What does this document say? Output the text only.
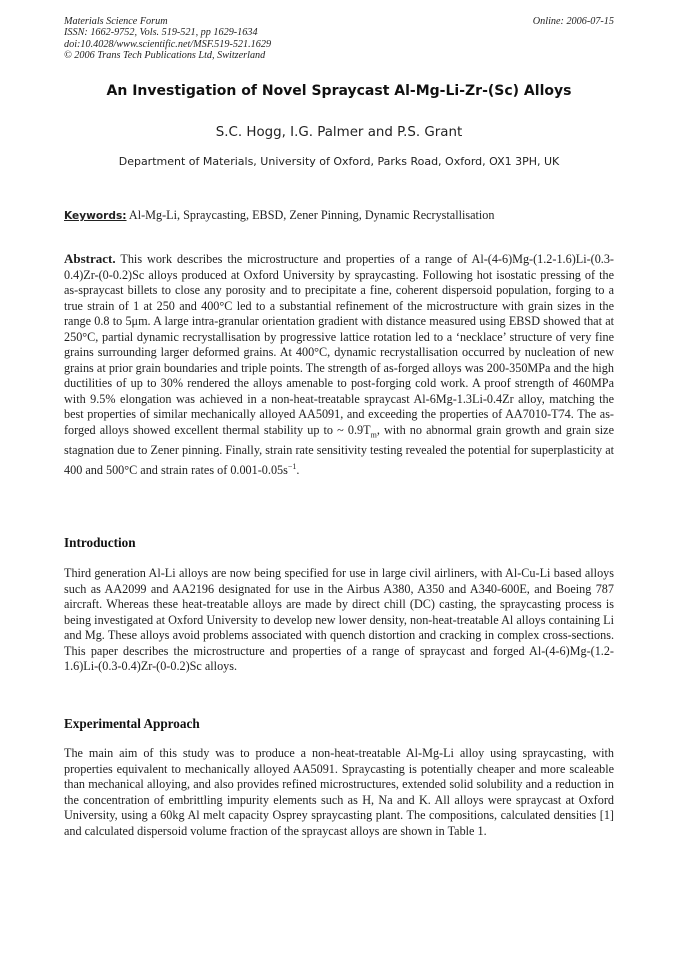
Materials Science Forum
ISSN: 1662-9752, Vols. 519-521, pp 1629-1634
doi:10.4028/www.scientific.net/MSF.519-521.1629
© 2006 Trans Tech Publications Ltd, Switzerland
Online: 2006-07-15
An Investigation of Novel Spraycast Al-Mg-Li-Zr-(Sc) Alloys
S.C. Hogg, I.G. Palmer and P.S. Grant
Department of Materials, University of Oxford, Parks Road, Oxford, OX1 3PH, UK
Keywords: Al-Mg-Li, Spraycasting, EBSD, Zener Pinning, Dynamic Recrystallisation
Abstract. This work describes the microstructure and properties of a range of Al-(4-6)Mg-(1.2-1.6)Li-(0.3-0.4)Zr-(0-0.2)Sc alloys produced at Oxford University by spraycasting. Following hot isostatic pressing of the as-spraycast billets to close any porosity and to precipitate a fine, coherent dispersoid population, forging to a true strain of 1 at 250 and 400°C led to a substantial refinement of the microstructure with grain sizes in the range 0.8 to 5μm. A large intra-granular orientation gradient with distance measured using EBSD showed that at 250°C, partial dynamic recrystallisation by progressive lattice rotation led to a ‘necklace’ structure of very fine grains surrounding larger deformed grains. At 400°C, dynamic recrystallisation occurred by nucleation of new grains at prior grain boundaries and triple points. The strength of as-forged alloys was 200-350MPa and the high ductilities of up to 30% rendered the alloys amenable to post-forging cold work. A proof strength of 460MPa with 9.5% elongation was achieved in a non-heat-treatable spraycast Al-6Mg-1.3Li-0.4Zr alloy, matching the best properties of similar mechanically alloyed AA5091, and exceeding the properties of AA7010-T74. The as-forged alloys showed excellent thermal stability up to ~ $0.9T_m$, with no abnormal grain growth and grain size stagnation due to Zener pinning. Finally, strain rate sensitivity testing revealed the potential for superplasticity at 400 and 500°C and strain rates of $0.001-0.05s^{-1}$.
Introduction
Third generation Al-Li alloys are now being specified for use in large civil airliners, with Al-Cu-Li based alloys such as AA2099 and AA2196 designated for use in the Airbus A380, A350 and A340-600E, and Boeing 787 aircraft. Whereas these heat-treatable alloys are made by direct chill (DC) casting, the spraycasting process is being investigated at Oxford University to develop new lower density, non-heat-treatable Al alloys containing Li and Mg. These alloys avoid problems associated with quench distortion and cracking in complex cross-sections. This paper describes the microstructure and properties of a range of spraycast and forged Al-(4-6)Mg-(1.2-1.6)Li-(0.3-0.4)Zr-(0-0.2)Sc alloys.
Experimental Approach
The main aim of this study was to produce a non-heat-treatable Al-Mg-Li alloy using spraycasting, with properties equivalent to mechanically alloyed AA5091. Spraycasting is potentially cheaper and more scaleable than mechanical alloying, and also provides refined microstructures, extended solid solubility and a reduction in the concentration of embrittling impurity elements such as H, Na and K. All alloys were spraycast at Oxford University, using a 60kg Al melt capacity Osprey spraycasting plant. The compositions, calculated densities [1] and calculated dispersoid volume fraction of the spraycast alloys are shown in Table 1.
